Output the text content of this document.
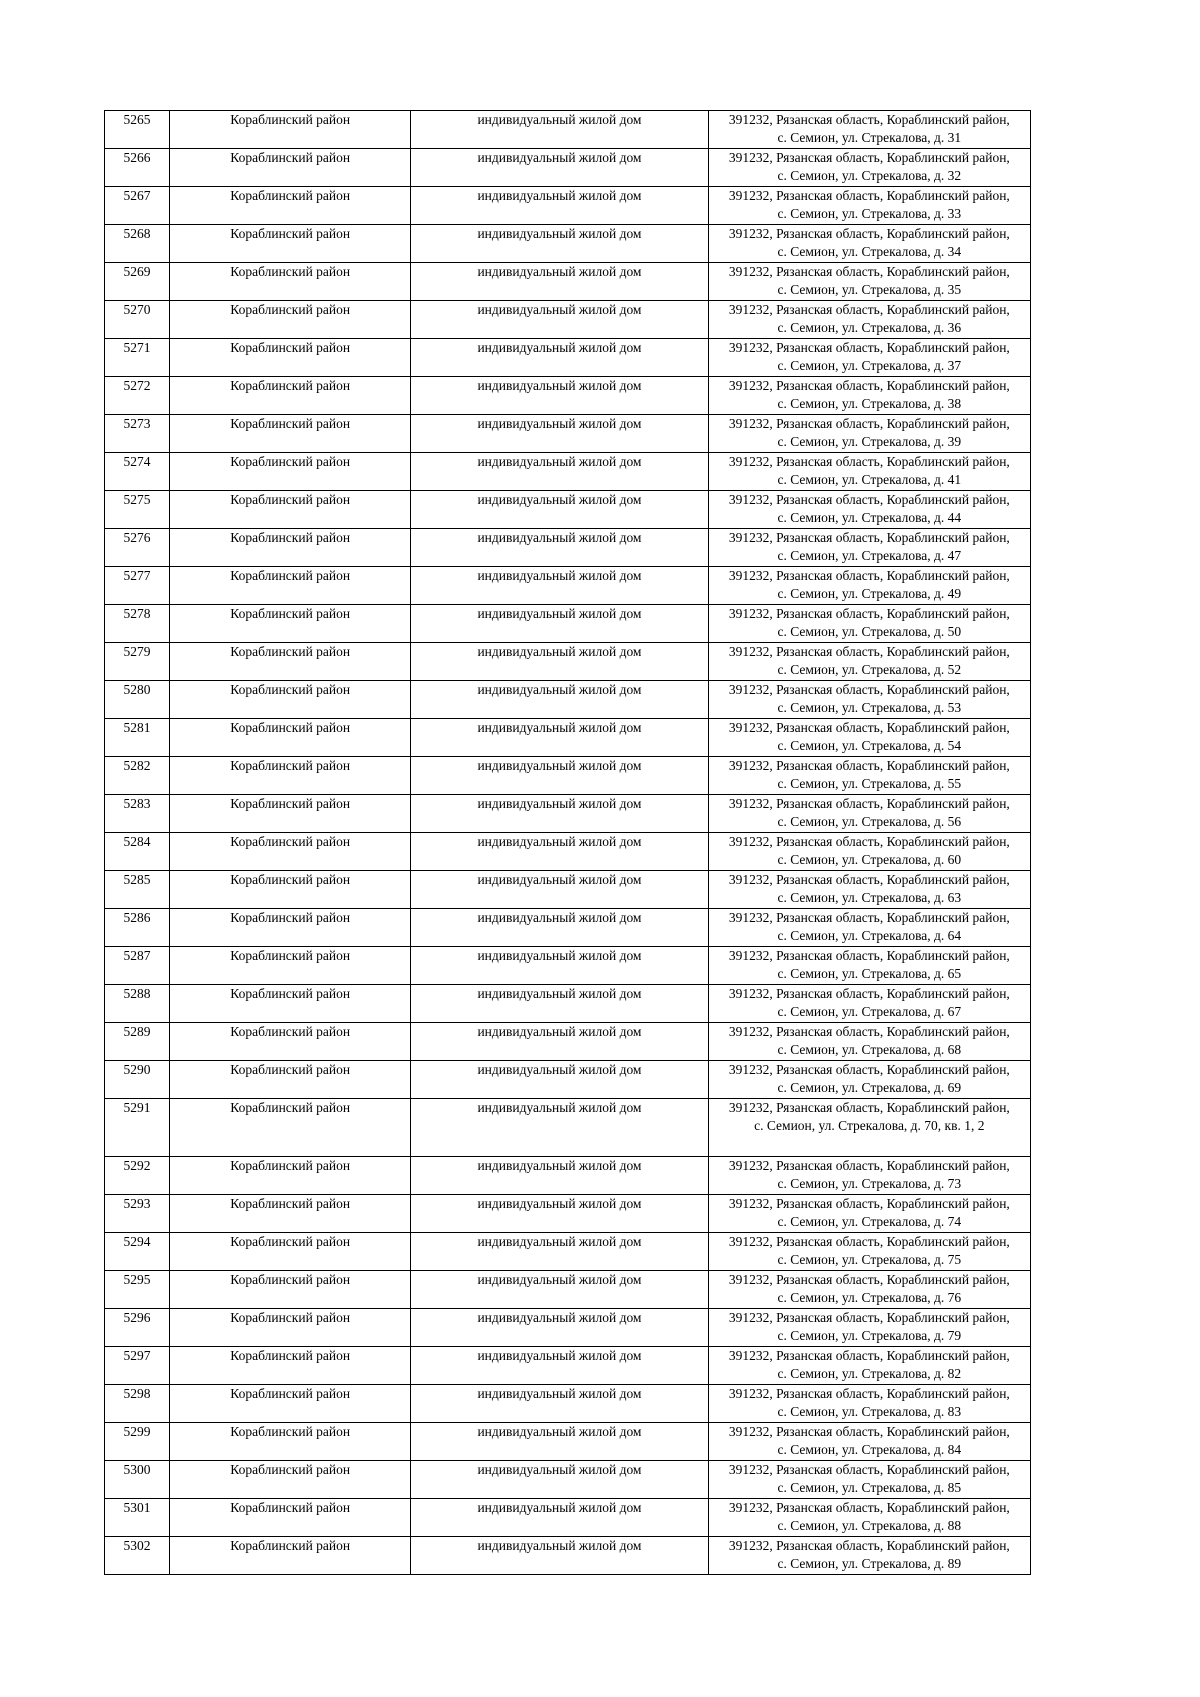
5265	Кораблинский район	индивидуальный жилой дом	391232, Рязанская область, Кораблинский район,
с. Семион, ул. Стрекалова, д. 31

5266	Кораблинский район	индивидуальный жилой дом	391232, Рязанская область, Кораблинский район,
с. Семион, ул. Стрекалова, д. 32

5267	Кораблинский район	индивидуальный жилой дом	391232, Рязанская область, Кораблинский район,
с. Семион, ул. Стрекалова, д. 33

5268	Кораблинский район	индивидуальный жилой дом	391232, Рязанская область, Кораблинский район,
с. Семион, ул. Стрекалова, д. 34

5269	Кораблинский район	индивидуальный жилой дом	391232, Рязанская область, Кораблинский район,
с. Семион, ул. Стрекалова, д. 35

5270	Кораблинский район	индивидуальный жилой дом	391232, Рязанская область, Кораблинский район,
с. Семион, ул. Стрекалова, д. 36

5271	Кораблинский район	индивидуальный жилой дом	391232, Рязанская область, Кораблинский район,
с. Семион, ул. Стрекалова, д. 37

5272	Кораблинский район	индивидуальный жилой дом	391232, Рязанская область, Кораблинский район,
с. Семион, ул. Стрекалова, д. 38

5273	Кораблинский район	индивидуальный жилой дом	391232, Рязанская область, Кораблинский район,
с. Семион, ул. Стрекалова, д. 39

5274	Кораблинский район	индивидуальный жилой дом	391232, Рязанская область, Кораблинский район,
с. Семион, ул. Стрекалова, д. 41

5275	Кораблинский район	индивидуальный жилой дом	391232, Рязанская область, Кораблинский район,
с. Семион, ул. Стрекалова, д. 44

5276	Кораблинский район	индивидуальный жилой дом	391232, Рязанская область, Кораблинский район,
с. Семион, ул. Стрекалова, д. 47

5277	Кораблинский район	индивидуальный жилой дом	391232, Рязанская область, Кораблинский район,
с. Семион, ул. Стрекалова, д. 49

5278	Кораблинский район	индивидуальный жилой дом	391232, Рязанская область, Кораблинский район,
с. Семион, ул. Стрекалова, д. 50

5279	Кораблинский район	индивидуальный жилой дом	391232, Рязанская область, Кораблинский район,
с. Семион, ул. Стрекалова, д. 52

5280	Кораблинский район	индивидуальный жилой дом	391232, Рязанская область, Кораблинский район,
с. Семион, ул. Стрекалова, д. 53

5281	Кораблинский район	индивидуальный жилой дом	391232, Рязанская область, Кораблинский район,
с. Семион, ул. Стрекалова, д. 54

5282	Кораблинский район	индивидуальный жилой дом	391232, Рязанская область, Кораблинский район,
с. Семион, ул. Стрекалова, д. 55

5283	Кораблинский район	индивидуальный жилой дом	391232, Рязанская область, Кораблинский район,
с. Семион, ул. Стрекалова, д. 56

5284	Кораблинский район	индивидуальный жилой дом	391232, Рязанская область, Кораблинский район,
с. Семион, ул. Стрекалова, д. 60

5285	Кораблинский район	индивидуальный жилой дом	391232, Рязанская область, Кораблинский район,
с. Семион, ул. Стрекалова, д. 63

5286	Кораблинский район	индивидуальный жилой дом	391232, Рязанская область, Кораблинский район,
с. Семион, ул. Стрекалова, д. 64

5287	Кораблинский район	индивидуальный жилой дом	391232, Рязанская область, Кораблинский район,
с. Семион, ул. Стрекалова, д. 65

5288	Кораблинский район	индивидуальный жилой дом	391232, Рязанская область, Кораблинский район,
с. Семион, ул. Стрекалова, д. 67

5289	Кораблинский район	индивидуальный жилой дом	391232, Рязанская область, Кораблинский район,
с. Семион, ул. Стрекалова, д. 68

5290	Кораблинский район	индивидуальный жилой дом	391232, Рязанская область, Кораблинский район,
с. Семион, ул. Стрекалова, д. 69

5291	Кораблинский район	индивидуальный жилой дом	391232, Рязанская область, Кораблинский район,
с. Семион, ул. Стрекалова, д. 70, кв. 1, 2

5292	Кораблинский район	индивидуальный жилой дом	391232, Рязанская область, Кораблинский район,
с. Семион, ул. Стрекалова, д. 73

5293	Кораблинский район	индивидуальный жилой дом	391232, Рязанская область, Кораблинский район,
с. Семион, ул. Стрекалова, д. 74

5294	Кораблинский район	индивидуальный жилой дом	391232, Рязанская область, Кораблинский район,
с. Семион, ул. Стрекалова, д. 75

5295	Кораблинский район	индивидуальный жилой дом	391232, Рязанская область, Кораблинский район,
с. Семион, ул. Стрекалова, д. 76

5296	Кораблинский район	индивидуальный жилой дом	391232, Рязанская область, Кораблинский район,
с. Семион, ул. Стрекалова, д. 79

5297	Кораблинский район	индивидуальный жилой дом	391232, Рязанская область, Кораблинский район,
с. Семион, ул. Стрекалова, д. 82

5298	Кораблинский район	индивидуальный жилой дом	391232, Рязанская область, Кораблинский район,
с. Семион, ул. Стрекалова, д. 83

5299	Кораблинский район	индивидуальный жилой дом	391232, Рязанская область, Кораблинский район,
с. Семион, ул. Стрекалова, д. 84

5300	Кораблинский район	индивидуальный жилой дом	391232, Рязанская область, Кораблинский район,
с. Семион, ул. Стрекалова, д. 85

5301	Кораблинский район	индивидуальный жилой дом	391232, Рязанская область, Кораблинский район,
с. Семион, ул. Стрекалова, д. 88

5302	Кораблинский район	индивидуальный жилой дом	391232, Рязанская область, Кораблинский район,
с. Семион, ул. Стрекалова, д. 89
